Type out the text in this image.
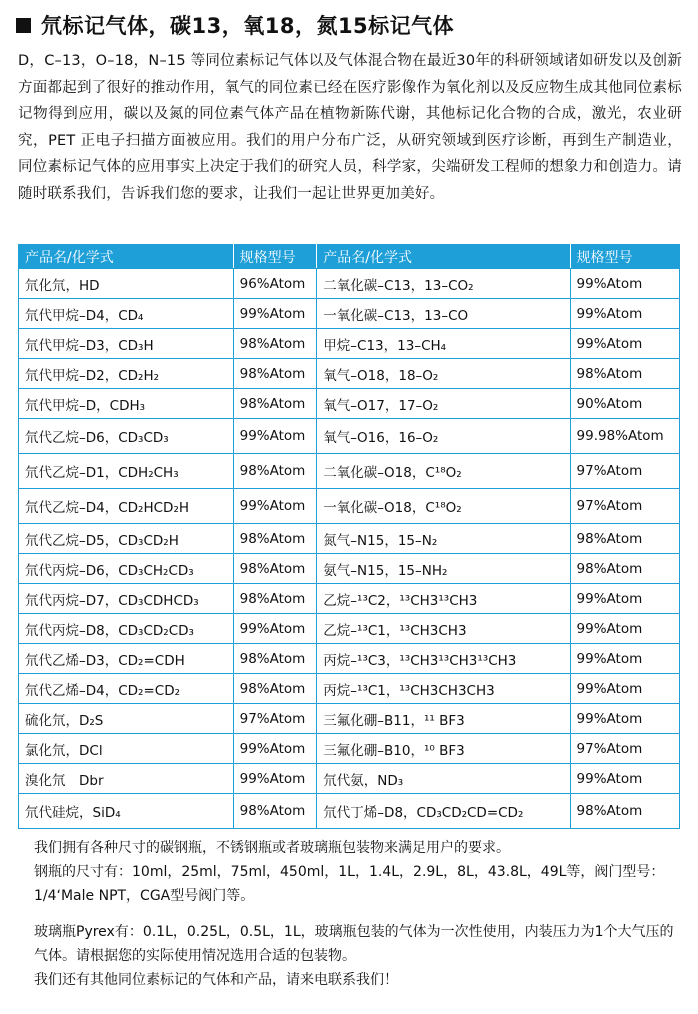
氘标记气体，碳13，氧18，氮15标记气体
D，C–13，O–18，N–15 等同位素标记气体以及气体混合物在最近30年的科研领域诸如研发以及创新方面都起到了很好的推动作用，氧气的同位素已经在医疗影像作为氧化剂以及反应物生成其他同位素标记物得到应用，碳以及氮的同位素气体产品在植物新陈代谢，其他标记化合物的合成，激光，农业研究，PET 正电子扫描方面被应用。我们的用户分布广泛，从研究领域到医疗诊断，再到生产制造业，同位素标记气体的应用事实上决定于我们的研究人员，科学家，尖端研发工程师的想象力和创造力。请随时联系我们，告诉我们您的要求，让我们一起让世界更加美好。
产品名/化学式	规格型号	产品名/化学式	规格型号
氘化氘，HD	96%Atom	二氧化碳–C13，13–CO₂	99%Atom
氘代甲烷–D4，CD₄	99%Atom	一氧化碳–C13，13–CO	99%Atom
氘代甲烷–D3，CD₃H	98%Atom	甲烷–C13，13–CH₄	99%Atom
氘代甲烷–D2，CD₂H₂	98%Atom	氧气–O18，18–O₂	98%Atom
氘代甲烷–D，CDH₃	98%Atom	氧气–O17，17–O₂	90%Atom
氘代乙烷–D6，CD₃CD₃	99%Atom	氧气–O16，16–O₂	99.98%Atom
氘代乙烷–D1，CDH₂CH₃	98%Atom	二氧化碳–O18，C¹⁸O₂	97%Atom
氘代乙烷–D4，CD₂HCD₂H	99%Atom	一氧化碳–O18，C¹⁸O₂	97%Atom
氘代乙烷–D5，CD₃CD₂H	98%Atom	氮气–N15，15–N₂	98%Atom
氘代丙烷–D6，CD₃CH₂CD₃	98%Atom	氨气–N15，15–NH₂	98%Atom
氘代丙烷–D7，CD₃CDHCD₃	98%Atom	乙烷–¹³C2，¹³CH3¹³CH3	99%Atom
氘代丙烷–D8，CD₃CD₂CD₃	99%Atom	乙烷–¹³C1，¹³CH3CH3	99%Atom
氘代乙烯–D3，CD₂=CDH	98%Atom	丙烷–¹³C3，¹³CH3¹³CH3¹³CH3	99%Atom
氘代乙烯–D4，CD₂=CD₂	98%Atom	丙烷–¹³C1，¹³CH3CH3CH3	99%Atom
硫化氘，D₂S	97%Atom	三氟化硼–B11，¹¹ BF3	99%Atom
氯化氘，DCl	99%Atom	三氟化硼–B10，¹⁰ BF3	97%Atom
溴化氘　Dbr	99%Atom	氘代氨，ND₃	99%Atom
氘代硅烷，SiD₄	98%Atom	氘代丁烯–D8，CD₃CD₂CD=CD₂	98%Atom

我们拥有各种尺寸的碳钢瓶，不锈钢瓶或者玻璃瓶包装物来满足用户的要求。

钢瓶的尺寸有：10ml，25ml，75ml，450ml，1L，1.4L，2.9L，8L，43.8L，49L等，阀门型号：1/4‘Male NPT，CGA型号阀门等。

玻璃瓶Pyrex有：0.1L，0.25L，0.5L，1L，玻璃瓶包装的气体为一次性使用，内装压力为1个大气压的气体。请根据您的实际使用情况选用合适的包装物。

我们还有其他同位素标记的气体和产品，请来电联系我们！
